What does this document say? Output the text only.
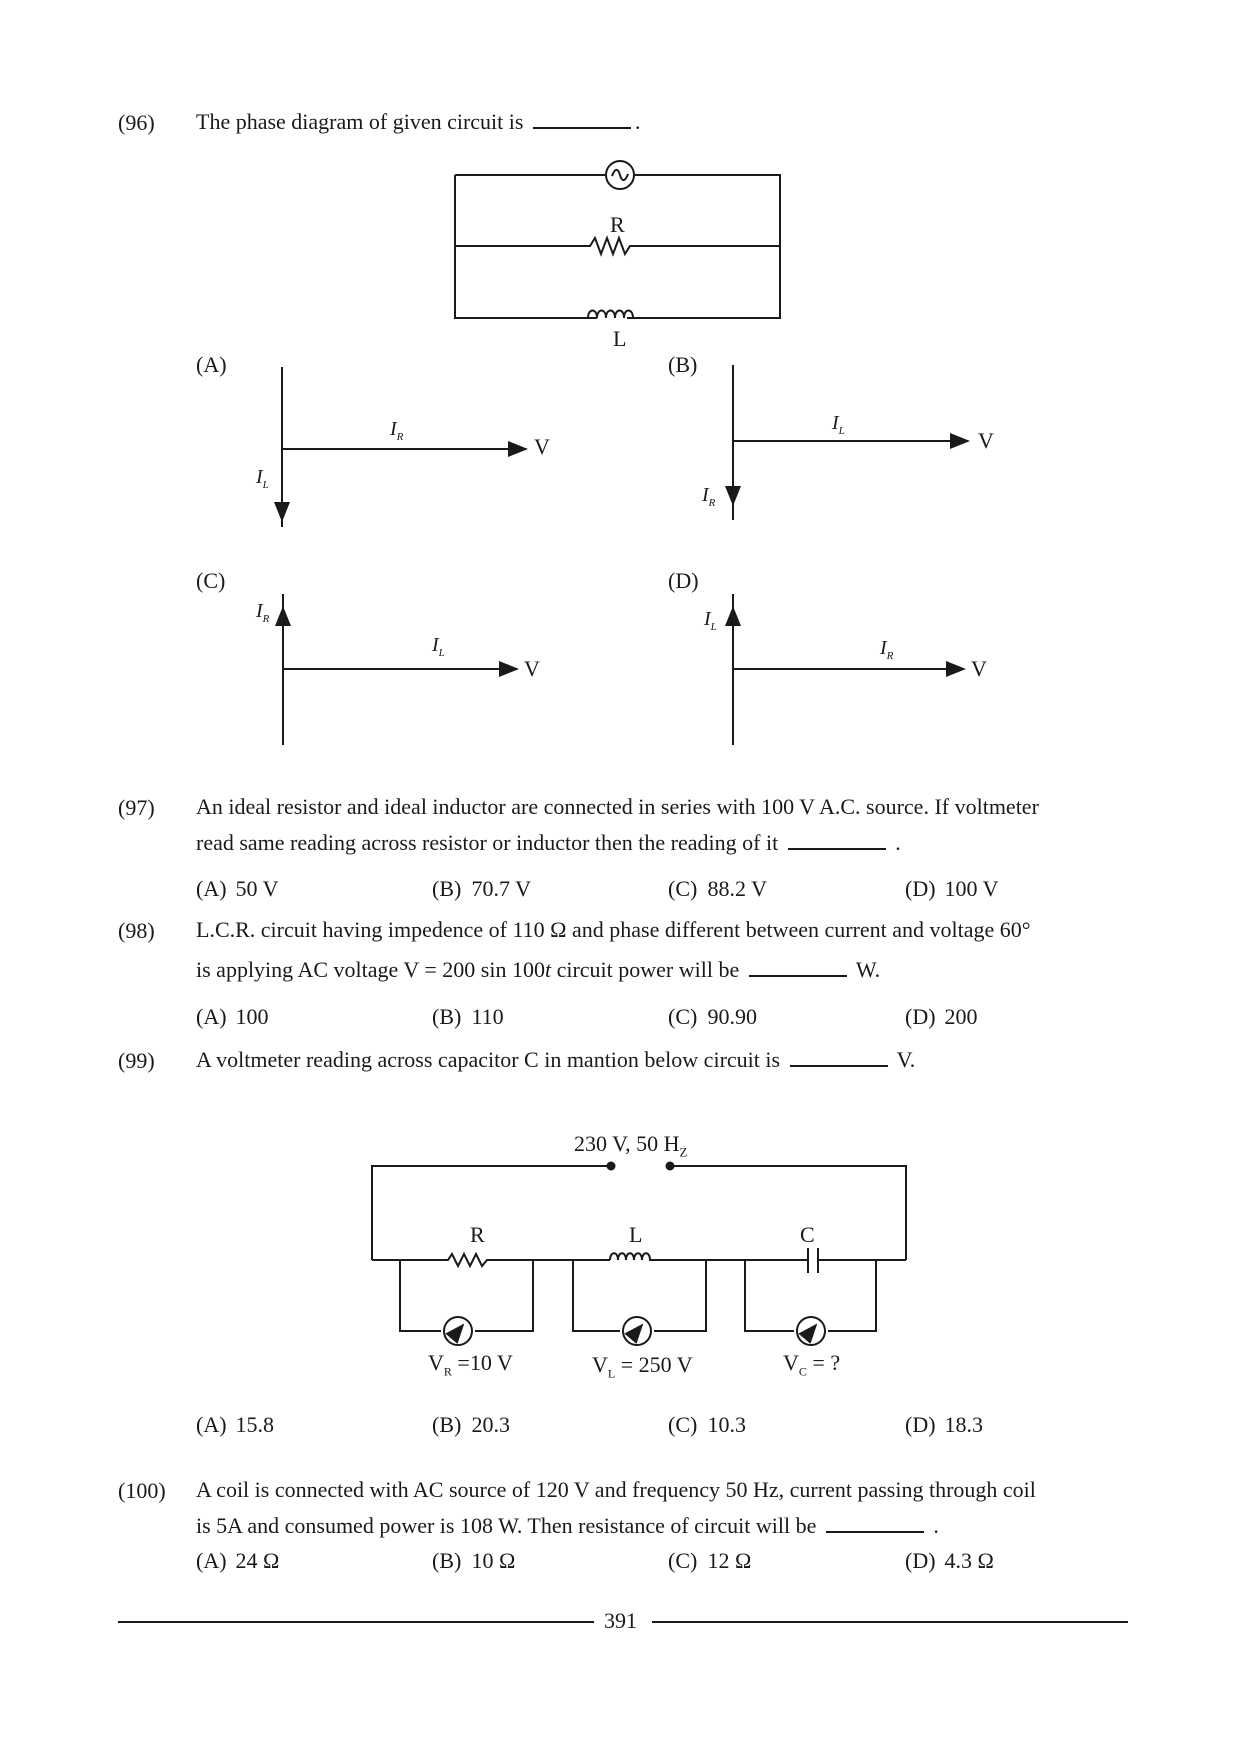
(96) The phase diagram of given circuit is	.
R
L
(A)	(B)
(C)	(D)
$I_R$
$I_L$
V
$I_L$
$I_R$
V
$I_L$
$I_R$
V
$I_R$
$I_L$
V
(97) An ideal resistor and ideal inductor are connected in series with 100 V A.C. source. If voltmeter
read same reading across resistor or inductor then the reading of it	.
(A) 50 V	(B) 70.7 V	(C) 88.2 V	(D) 100 V
(98) L.C.R. circuit having impedence of 110 Ω and phase different between current and voltage 60°
is applying AC voltage V = 200 sin 100t circuit power will be	W.
(A) 100	(B) 110	(C) 90.90	(D) 200
(99) A voltmeter reading across capacitor C in mantion below circuit is	V.
230 V, 50 $H_Z$
R	L	C
$V_R =10$ V	$V_L = 250$ V	$V_C$ = ?
(A) 15.8	(B) 20.3	(C) 10.3	(D) 18.3
(100) A coil is connected with AC source of 120 V and frequency 50 Hz, current passing through coil
is 5A and consumed power is 108 W. Then resistance of circuit will be	.
(A) 24 Ω	(B) 10 Ω	(C) 12 Ω	(D) 4.3 Ω
391
